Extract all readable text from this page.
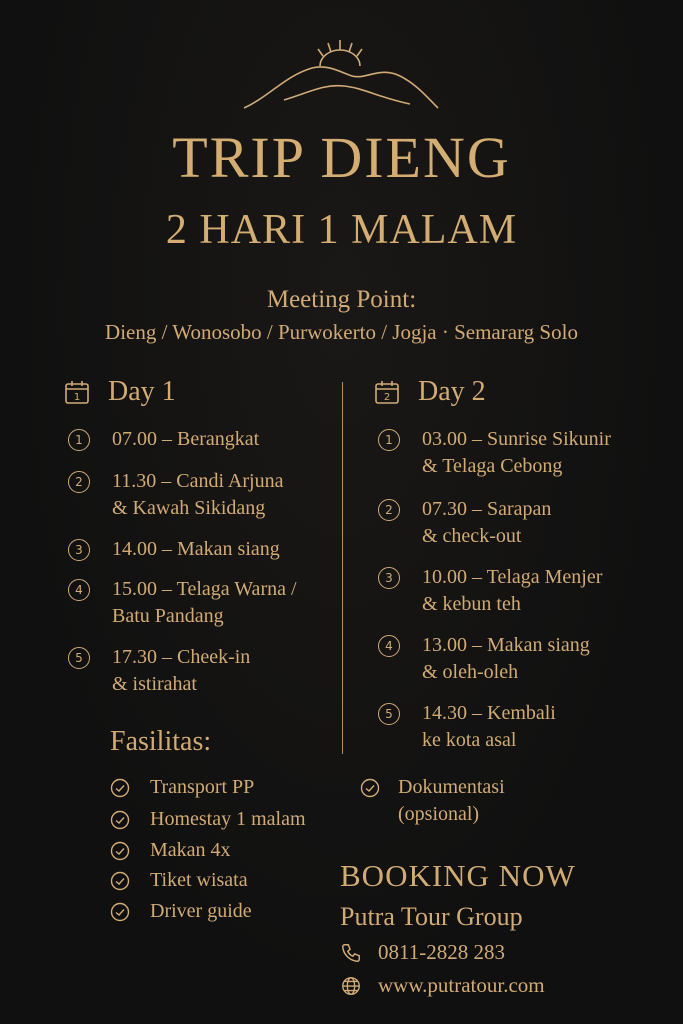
TRIP DIENG
2 HARI 1 MALAM
Meeting Point:
Dieng / Wonosobo / Purwokerto / Jogja · Semararg Solo
1 Day 1
1	07.00 – Berangkat
2	11.30 – Candi Arjuna
& Kawah Sikidang
3	14.00 – Makan siang
4	15.00 – Telaga Warna /
Batu Pandang
5	17.30 – Cheek-in
& istirahat
2 Day 2
1	03.00 – Sunrise Sikunir
& Telaga Cebong
2	07.30 – Sarapan
& check-out
3	10.00 – Telaga Menjer
& kebun teh
4	13.00 – Makan siang
& oleh-oleh
5	14.30 – Kembali
ke kota asal
Fasilitas:
Transport PP
Homestay 1 malam
Makan 4x
Tiket wisata
Driver guide
Dokumentasi
(opsional)
BOOKING NOW
Putra Tour Group
0811-2828 283
www.putratour.com
